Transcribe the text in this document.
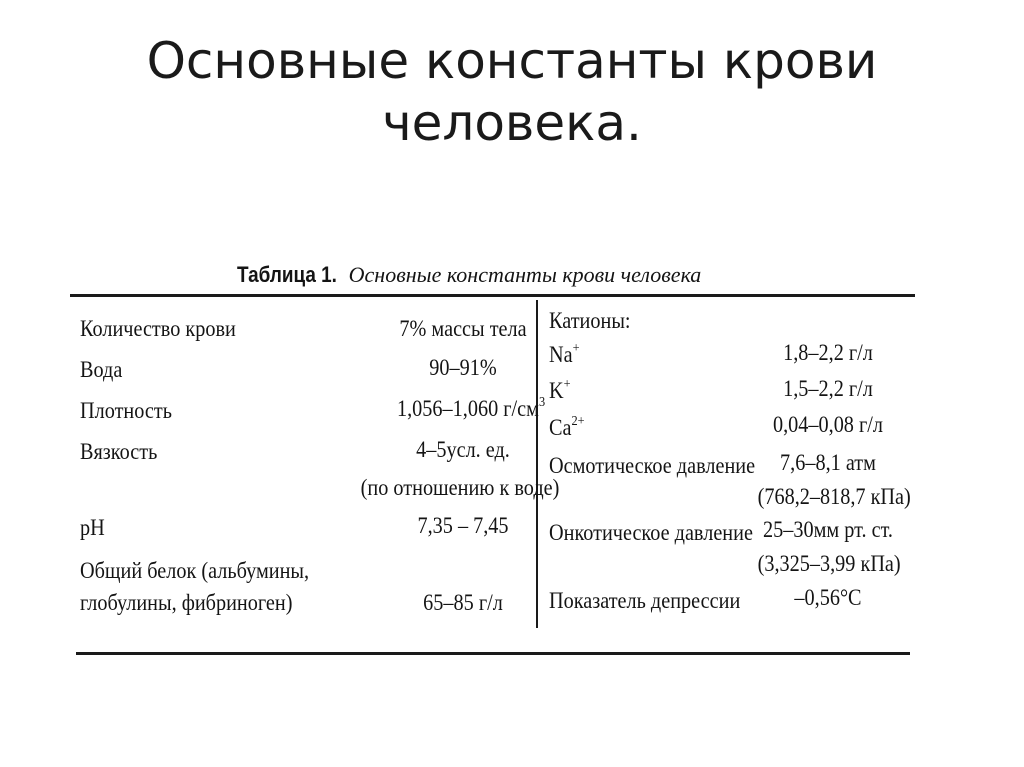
Основные константы крови
человека.
Таблица 1. Основные константы крови человека
Количество крови	7% массы тела
Вода	90–91%
Плотность	1,056–1,060 $г/см^3$
Вязкость	4–5усл. ед.
(по отношению к воде)
pH	7,35 – 7,45
Общий белок (альбумины,
глобулины, фибриноген)	65–85 г/л
Катионы:
Na+	1,8–2,2 г/л
K+	1,5–2,2 г/л
$Ca^{2+}$	0,04–0,08 г/л
Осмотическое давление	7,6–8,1 атм
(768,2–818,7 кПа)
Онкотическое давление 25–30мм рт. ст.
(3,325–3,99 кПа)
Показатель депрессии	–0,56°C
